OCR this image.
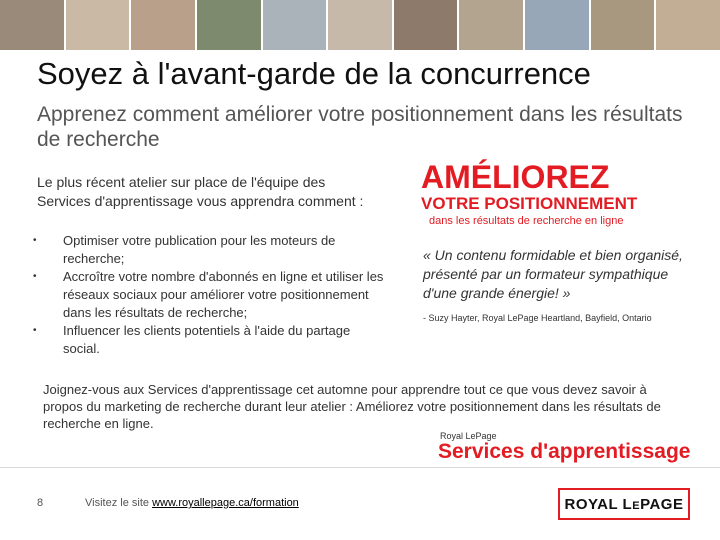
Soyez à l'avant-garde de la concurrence
Apprenez comment améliorer votre positionnement dans les résultats de recherche
Le plus récent atelier sur place de l'équipe des Services d'apprentissage vous apprendra comment :
• Optimiser votre publication pour les moteurs de recherche;
• Accroître votre nombre d'abonnés en ligne et utiliser les réseaux sociaux pour améliorer votre positionnement dans les résultats de recherche;
• Influencer les clients potentiels à l'aide du partage social.
AMÉLIOREZ
VOTRE POSITIONNEMENT
dans les résultats de recherche en ligne
« Un contenu formidable et bien organisé, présenté par un formateur sympathique d'une grande énergie! »
- Suzy Hayter, Royal LePage Heartland, Bayfield, Ontario
Joignez-vous aux Services d'apprentissage cet automne pour apprendre tout ce que vous devez savoir à propos du marketing de recherche durant leur atelier : Améliorez votre positionnement dans les résultats de recherche en ligne.
Royal LePage
Services d'apprentissage
8	Visitez le site www.royallepage.ca/formation	ROYAL LEPAGE
